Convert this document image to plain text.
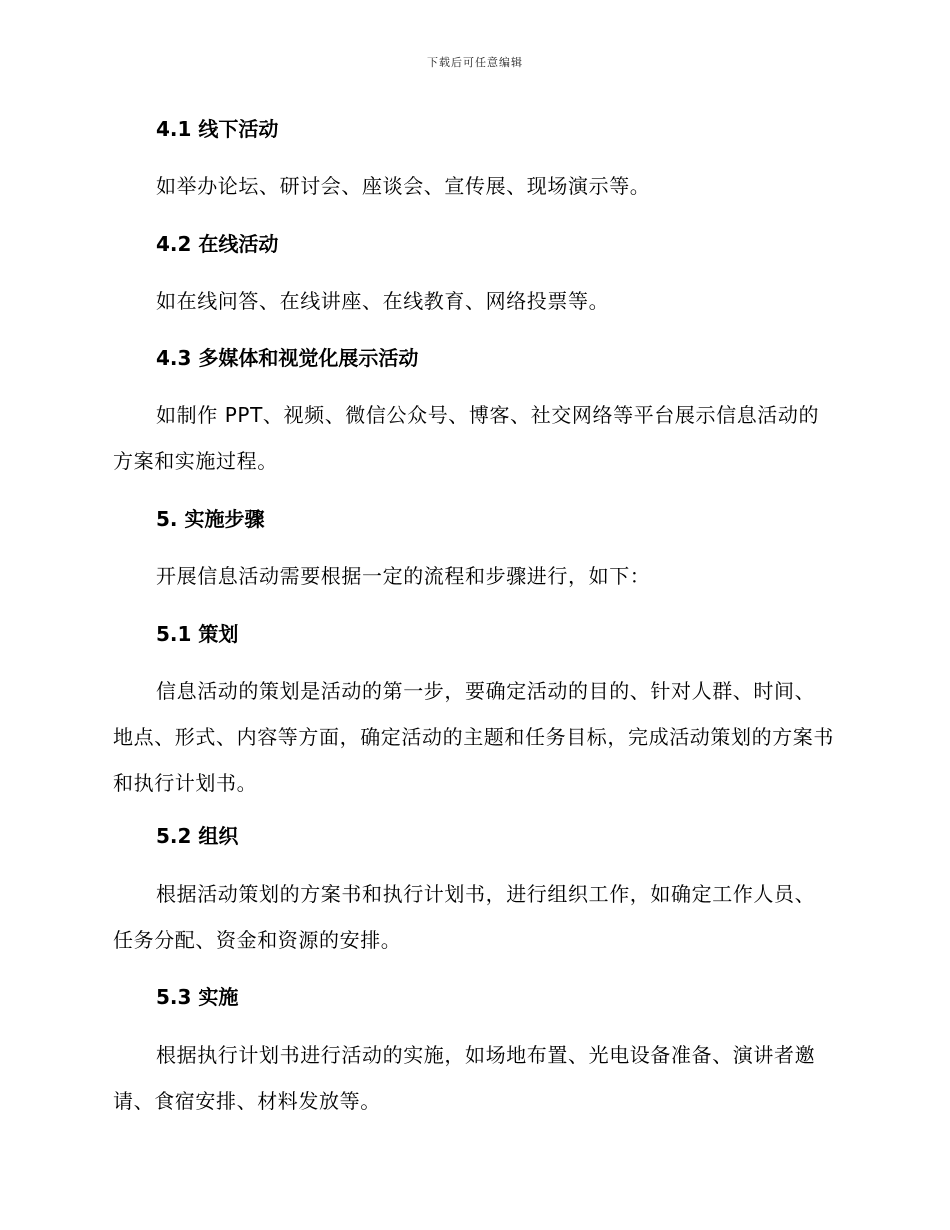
下载后可任意编辑
4.1 线下活动
如举办论坛、研讨会、座谈会、宣传展、现场演示等。
4.2 在线活动
如在线问答、在线讲座、在线教育、网络投票等。
4.3 多媒体和视觉化展示活动
如制作 PPT、视频、微信公众号、博客、社交网络等平台展示信息活动的方案和实施过程。
5. 实施步骤
开展信息活动需要根据一定的流程和步骤进行，如下：
5.1 策划
信息活动的策划是活动的第一步，要确定活动的目的、针对人群、时间、地点、形式、内容等方面，确定活动的主题和任务目标，完成活动策划的方案书和执行计划书。
5.2 组织
根据活动策划的方案书和执行计划书，进行组织工作，如确定工作人员、任务分配、资金和资源的安排。
5.3 实施
根据执行计划书进行活动的实施，如场地布置、光电设备准备、演讲者邀请、食宿安排、材料发放等。
